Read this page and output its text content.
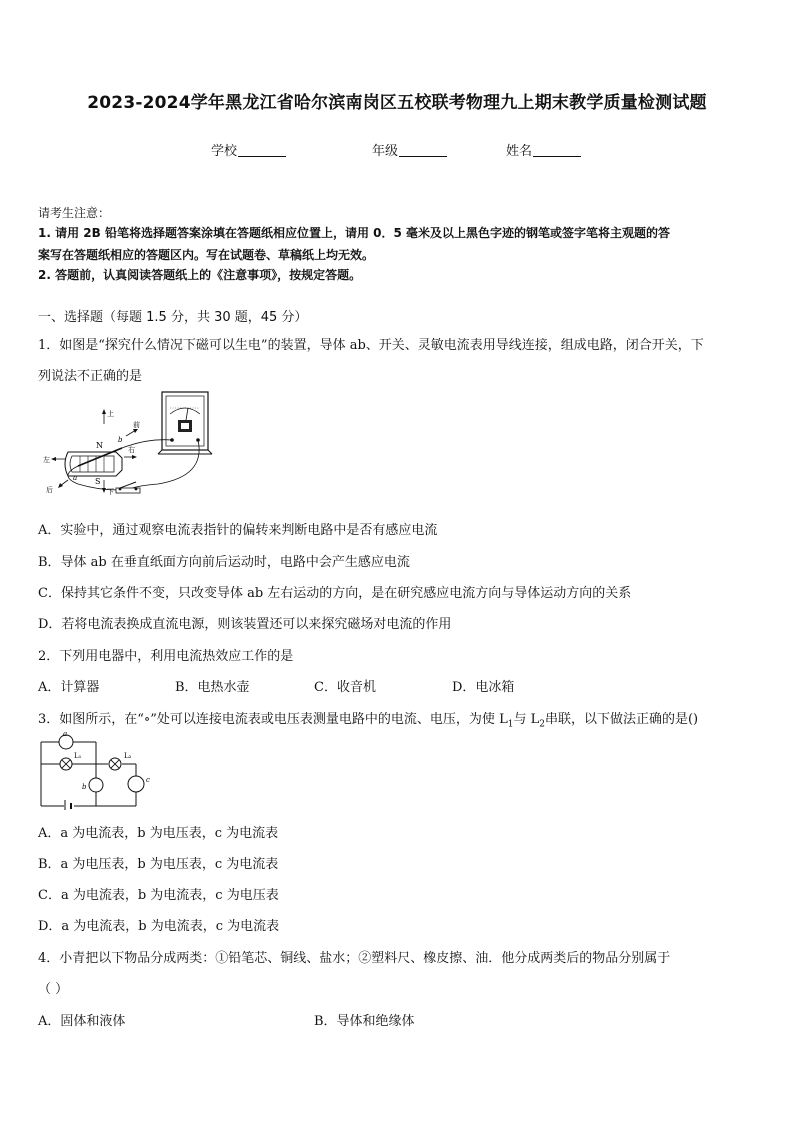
2023-2024学年黑龙江省哈尔滨南岗区五校联考物理九上期末教学质量检测试题
学校	年级	姓名
请考生注意：
1. 请用 2B 铅笔将选择题答案涂填在答题纸相应位置上，请用 0．5 毫米及以上黑色字迹的钢笔或签字笔将主观题的答
案写在答题纸相应的答题区内。写在试题卷、草稿纸上均无效。
2. 答题前，认真阅读答题纸上的《注意事项》，按规定答题。
一、选择题（每题 1.5 分，共 30 题，45 分）
1．如图是“探究什么情况下磁可以生电”的装置，导体 ab、开关、灵敏电流表用导线连接，组成电路，闭合开关，下
列说法不正确的是
上
下
左
右
前
后
N
S
a
b
A．实验中，通过观察电流表指针的偏转来判断电路中是否有感应电流
B．导体 ab 在垂直纸面方向前后运动时，电路中会产生感应电流
C．保持其它条件不变，只改变导体 ab 左右运动的方向，是在研究感应电流方向与导体运动方向的关系
D．若将电流表换成直流电源，则该装置还可以来探究磁场对电流的作用
2．下列用电器中，利用电流热效应工作的是
A．计算器	B．电热水壶	C．收音机	D．电冰箱
3．如图所示，在“∘”处可以连接电流表或电压表测量电路中的电流、电压，为使 $L_1$与 $L_2$串联，以下做法正确的是()
a
L₁	L₂
b
c
A．a 为电流表，b 为电压表，c 为电流表
B．a 为电压表，b 为电压表，c 为电流表
C．a 为电流表，b 为电流表，c 为电压表
D．a 为电流表，b 为电流表，c 为电流表
4．小青把以下物品分成两类：①铅笔芯、铜线、盐水；②塑料尺、橡皮擦、油．他分成两类后的物品分别属于
（ ）
A．固体和液体	B．导体和绝缘体
